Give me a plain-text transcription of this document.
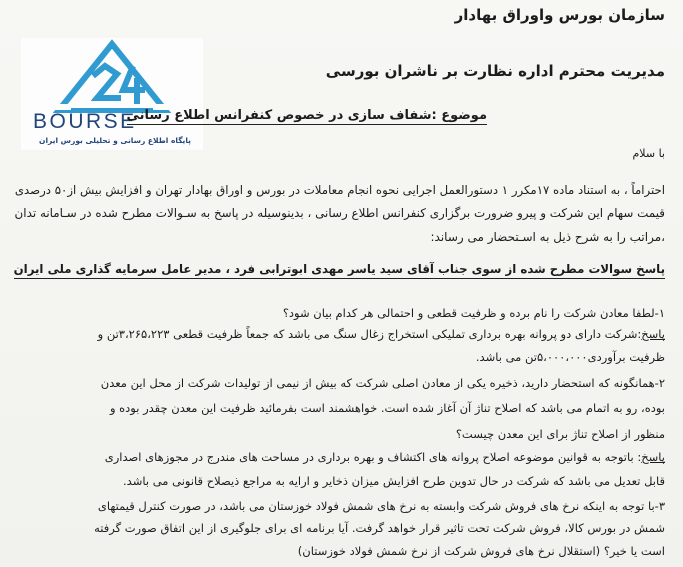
BOURSE
پایگاه اطلاع رسانی و تحلیلی بورس ایران
سازمان بورس واوراق بهادار
مدیریت محترم اداره نظارت بر ناشران بورسی
موضوع :شفاف سازی در خصوص کنفرانس اطلاع رسانی
با سلام
احتراماً ، به استناد ماده ۱۷مکرر ۱ دستورالعمل اجرایی نحوه انجام معاملات در بورس و اوراق بهادار تهران و افزایش بیش از۵۰ درصدی
قیمت سهام این شرکت و پیرو ضرورت برگزاری کنفرانس اطلاع رسانی ، بدینوسیله در پاسخ به سـوالات مطرح شده در سـامانه تدان
،مراتب را به شرح ذیل به اسـتحضار می رساند:
پاسخ سوالات مطرح شده از سوی جناب آقای سید یاسر مهدی ابوترابی فرد ، مدیر عامل سرمایه گذاری ملی ایران
۱-لطفا معادن شرکت را نام برده و ظرفیت قطعی و احتمالی هر کدام بیان شود؟
پاسخ:شرکت دارای دو پروانه بهره برداری تملیکی استخراج زغال سنگ می باشد که جمعاً ظرفیت قطعی ۳،۲۶۵،۲۲۳تن و
ظرفیت برآوردی۵،۰۰۰،۰۰۰تن می باشد.
۲-همانگونه که استحضار دارید، ذخیره یکی از معادن اصلی شرکت که بیش از نیمی از تولیدات شرکت از محل این معدن
بوده، رو به اتمام می باشد که اصلاح تناژ آن آغاز شده است. خواهشمند است بفرمائید ظرفیت این معدن چقدر بوده و
منظور از اصلاح تناژ برای این معدن چیست؟
پاسخ: باتوجه به قوانین موضوعه اصلاح پروانه های اکتشاف و بهره برداری در مساحت های مندرج در مجوزهای اصداری
قابل تعدیل می باشد که شرکت در حال تدوین طرح افزایش میزان ذخایر و ارایه به مراجع ذیصلاح قانونی می باشد.
۳-با توجه به اینکه نرخ های فروش شرکت وابسته به نرخ های شمش فولاد خوزستان می باشد، در صورت کنترل قیمتهای
شمش در بورس کالا، فروش شرکت تحت تاثیر قرار خواهد گرفت. آیا برنامه ای برای جلوگیری از این اتفاق صورت گرفته
است یا خیر؟ (استقلال نرخ های فروش شرکت از نرخ شمش فولاد خوزستان)
